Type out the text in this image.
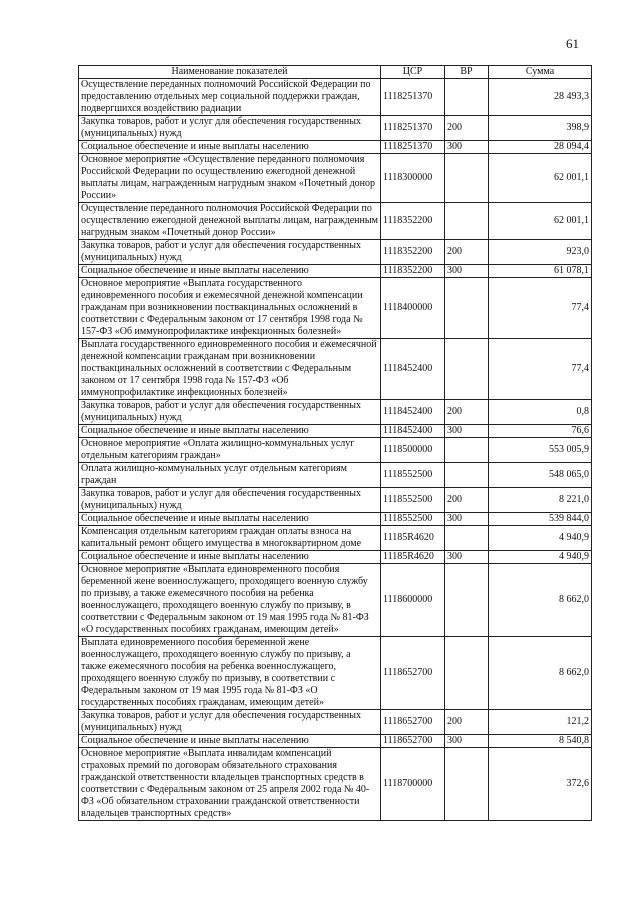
61
Наименование показателей	ЦСР	ВР	Сумма
Осуществление переданных полномочий Российской Федерации по предоставлению отдельных мер социальной поддержки граждан, подвергшихся воздействию радиации	1118251370		28 493,3
Закупка товаров, работ и услуг для обеспечения государственных (муниципальных) нужд	1118251370	200	398,9
Социальное обеспечение и иные выплаты населению	1118251370	300	28 094,4
Основное мероприятие «Осуществление переданного полномочия Российской Федерации по осуществлению ежегодной денежной выплаты лицам, награжденным нагрудным знаком «Почетный донор России»	1118300000		62 001,1
Осуществление переданного полномочия Российской Федерации по осуществлению ежегодной денежной выплаты лицам, награжденным нагрудным знаком «Почетный донор России»	1118352200		62 001,1
Закупка товаров, работ и услуг для обеспечения государственных (муниципальных) нужд	1118352200	200	923,0
Социальное обеспечение и иные выплаты населению	1118352200	300	61 078,1
Основное мероприятие «Выплата государственного единовременного пособия и ежемесячной денежной компенсации гражданам при возникновении поствакцинальных осложнений в соответствии с Федеральным законом от 17 сентября 1998 года № 157-ФЗ «Об иммунопрофилактике инфекционных болезней»	1118400000		77,4
Выплата государственного единовременного пособия и ежемесячной денежной компенсации гражданам при возникновении поствакцинальных осложнений в соответствии с Федеральным законом от 17 сентября 1998 года № 157-ФЗ «Об иммунопрофилактике инфекционных болезней»	1118452400		77,4
Закупка товаров, работ и услуг для обеспечения государственных (муниципальных) нужд	1118452400	200	0,8
Социальное обеспечение и иные выплаты населению	1118452400	300	76,6
Основное мероприятие «Оплата жилищно-коммунальных услуг отдельным категориям граждан»	1118500000		553 005,9
Оплата жилищно-коммунальных услуг отдельным категориям граждан	1118552500		548 065,0
Закупка товаров, работ и услуг для обеспечения государственных (муниципальных) нужд	1118552500	200	8 221,0
Социальное обеспечение и иные выплаты населению	1118552500	300	539 844,0
Компенсация отдельным категориям граждан оплаты взноса на капитальный ремонт общего имущества в многоквартирном доме	11185R4620		4 940,9
Социальное обеспечение и иные выплаты населению	11185R4620	300	4 940,9
Основное мероприятие «Выплата единовременного пособия беременной жене военнослужащего, проходящего военную службу по призыву, а также ежемесячного пособия на ребенка военнослужащего, проходящего военную службу по призыву, в соответствии с Федеральным законом от 19 мая 1995 года № 81-ФЗ «О государственных пособиях гражданам, имеющим детей»	1118600000		8 662,0
Выплата единовременного пособия беременной жене военнослужащего, проходящего военную службу по призыву, а также ежемесячного пособия на ребенка военнослужащего, проходящего военную службу по призыву, в соответствии с Федеральным законом от 19 мая 1995 года № 81-ФЗ «О государственных пособиях гражданам, имеющим детей»	1118652700		8 662,0
Закупка товаров, работ и услуг для обеспечения государственных (муниципальных) нужд	1118652700	200	121,2
Социальное обеспечение и иные выплаты населению	1118652700	300	8 540,8
Основное мероприятие «Выплата инвалидам компенсаций страховых премий по договорам обязательного страхования гражданской ответственности владельцев транспортных средств в соответствии с Федеральным законом от 25 апреля 2002 года № 40-ФЗ «Об обязательном страховании гражданской ответственности владельцев транспортных средств»	1118700000		372,6
